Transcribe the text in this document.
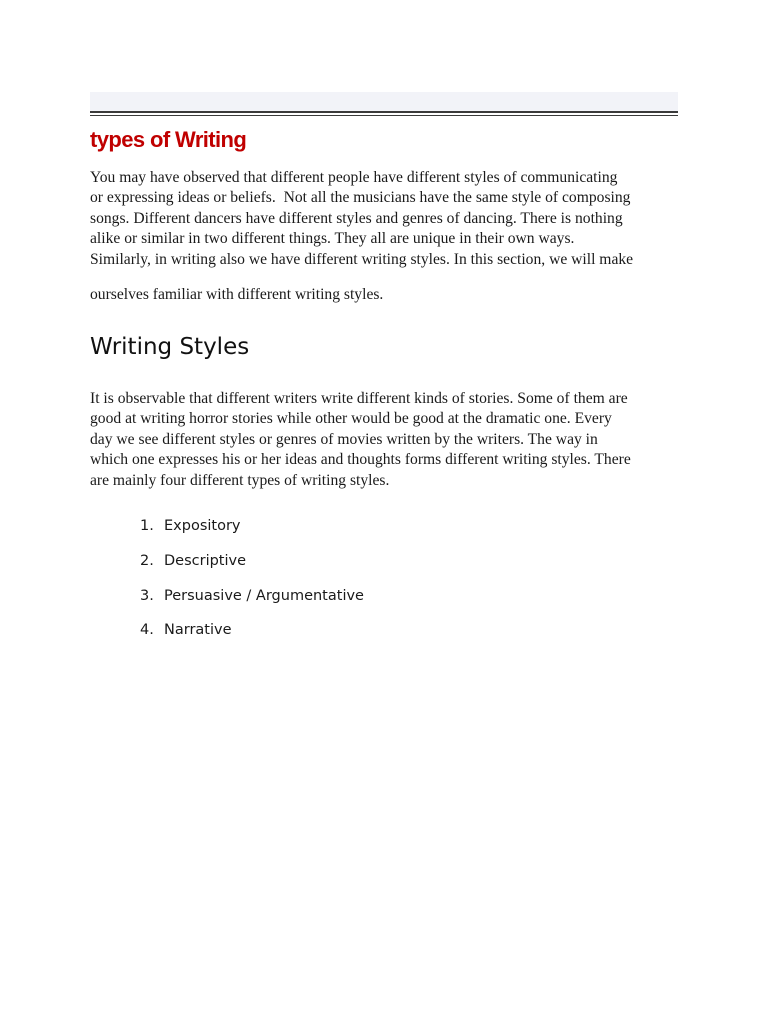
types of Writing

You may have observed that different people have different styles of communicating
or expressing ideas or beliefs.  Not all the musicians have the same style of composing
songs. Different dancers have different styles and genres of dancing. There is nothing
alike or similar in two different things. They all are unique in their own ways.
Similarly, in writing also we have different writing styles. In this section, we will make

ourselves familiar with different writing styles.

Writing Styles

It is observable that different writers write different kinds of stories. Some of them are
good at writing horror stories while other would be good at the dramatic one. Every
day we see different styles or genres of movies written by the writers. The way in
which one expresses his or her ideas and thoughts forms different writing styles. There
are mainly four different types of writing styles.

1. Expository
2. Descriptive
3. Persuasive / Argumentative
4. Narrative
